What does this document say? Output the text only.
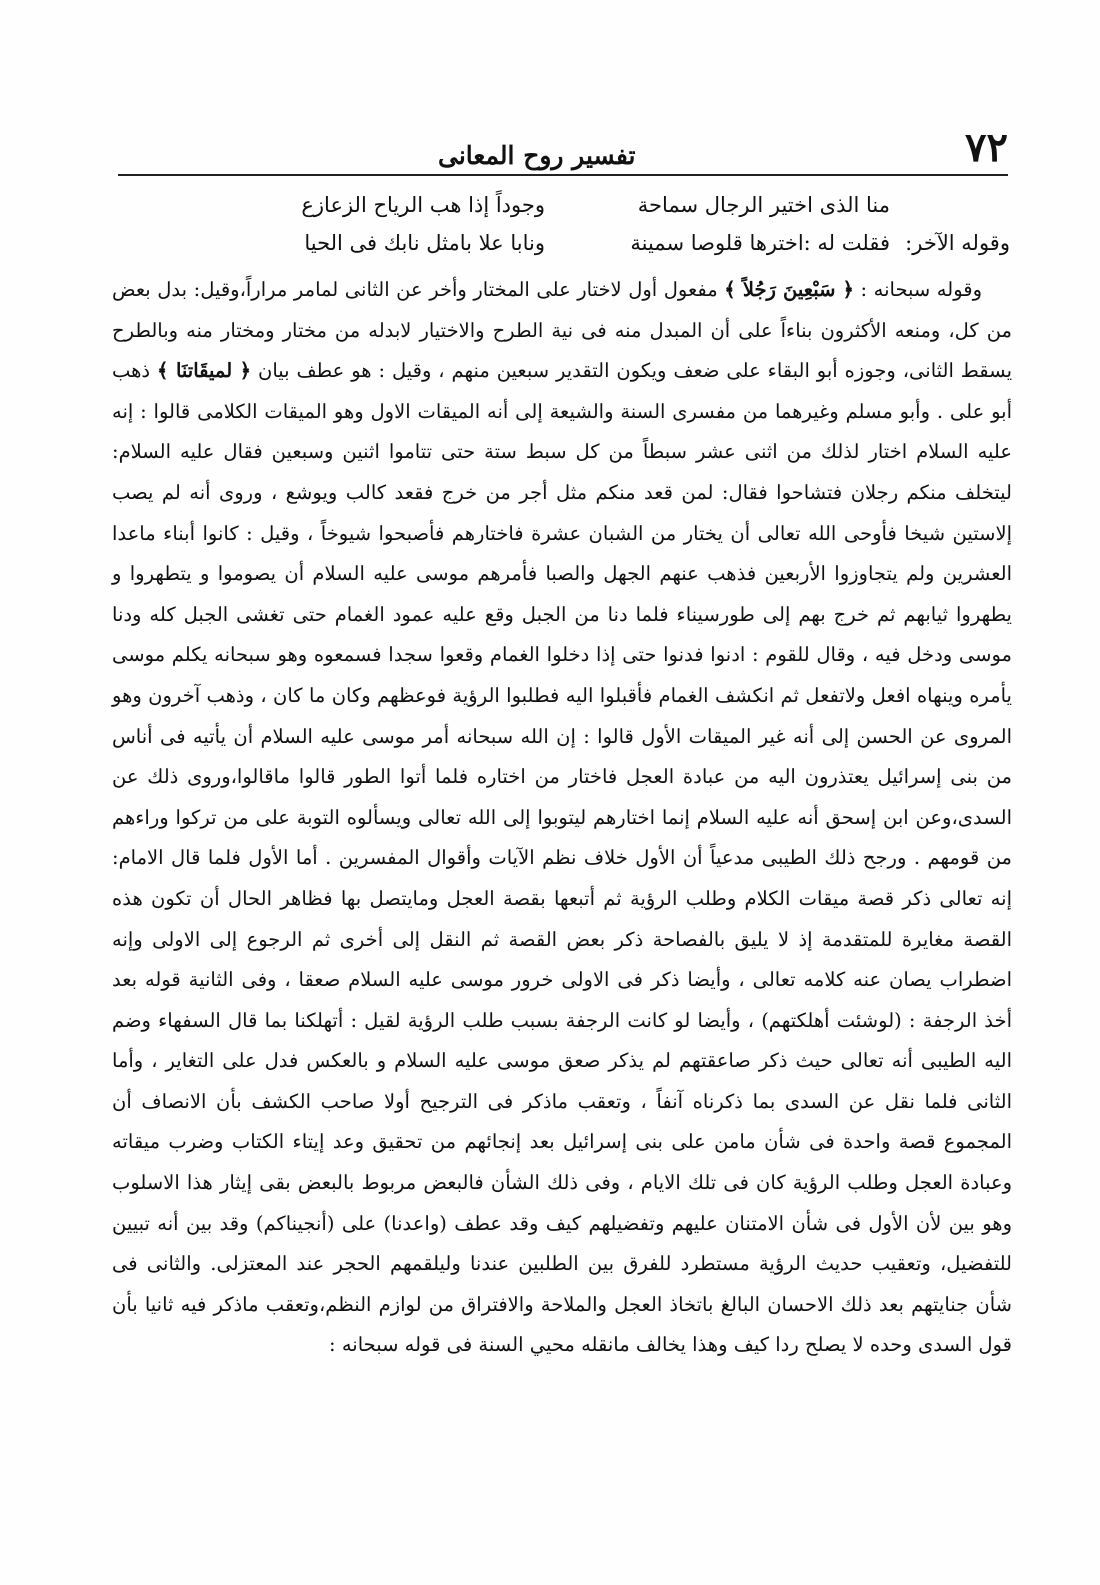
٧٢
تفسير روح المعانى
منا الذى اختير الرجال سماحة
وجوداً إذا هب الرياح الزعازع
وقوله الآخر:
فقلت له :اخترها قلوصا سمينة
ونابا علا بامثل نابك فى الحيا

وقوله سبحانه : ﴿ سَبْعِينَ رَجُلاً ﴾ مفعول أول لاختار على المختار وأخر عن الثانى لمامر مراراً،وقيل: بدل بعض من كل، ومنعه الأكثرون بناءاً على أن المبدل منه فى نية الطرح والاختيار لابدله من مختار ومختار منه وبالطرح يسقط الثانى، وجوزه أبو البقاء على ضعف ويكون التقدير سبعين منهم ، وقيل : هو عطف بيان ﴿ لميقَاتنَا ﴾ ذهب أبو على . وأبو مسلم وغيرهما من مفسرى السنة والشيعة إلى أنه الميقات الاول وهو الميقات الكلامى قالوا : إنه عليه السلام اختار لذلك من اثنى عشر سبطاً من كل سبط ستة حتى تتاموا اثنين وسبعين فقال عليه السلام: ليتخلف منكم رجلان فتشاحوا فقال: لمن قعد منكم مثل أجر من خرج فقعد كالب ويوشع ، وروى أنه لم يصب إلاستين شيخا فأوحى الله تعالى أن يختار من الشبان عشرة فاختارهم فأصبحوا شيوخاً ، وقيل : كانوا أبناء ماعدا العشرين ولم يتجاوزوا الأربعين فذهب عنهم الجهل والصبا فأمرهم موسى عليه السلام أن يصوموا و يتطهروا و يطهروا ثيابهم ثم خرج بهم إلى طورسيناء فلما دنا من الجبل وقع عليه عمود الغمام حتى تغشى الجبل كله ودنا موسى ودخل فيه ، وقال للقوم : ادنوا فدنوا حتى إذا دخلوا الغمام وقعوا سجدا فسمعوه وهو سبحانه يكلم موسى يأمره وينهاه افعل ولاتفعل ثم انكشف الغمام فأقبلوا اليه فطلبوا الرؤية فوعظهم وكان ما كان ، وذهب آخرون وهو المروى عن الحسن إلى أنه غير الميقات الأول قالوا : إن الله سبحانه أمر موسى عليه السلام أن يأتيه فى أناس من بنى إسرائيل يعتذرون اليه من عبادة العجل فاختار من اختاره فلما أتوا الطور قالوا ماقالوا،وروى ذلك عن السدى،وعن ابن إسحق أنه عليه السلام إنما اختارهم ليتوبوا إلى الله تعالى ويسألوه التوبة على من تركوا وراءهم من قومهم . ورجح ذلك الطيبى مدعياً أن الأول خلاف نظم الآيات وأقوال المفسرين . أما الأول فلما قال الامام: إنه تعالى ذكر قصة ميقات الكلام وطلب الرؤية ثم أتبعها بقصة العجل ومايتصل بها فظاهر الحال أن تكون هذه القصة مغايرة للمتقدمة إذ لا يليق بالفصاحة ذكر بعض القصة ثم النقل إلى أخرى ثم الرجوع إلى الاولى وإنه اضطراب يصان عنه كلامه تعالى ، وأيضا ذكر فى الاولى خرور موسى عليه السلام صعقا ، وفى الثانية قوله بعد أخذ الرجفة : (لوشئت أهلكتهم) ، وأيضا لو كانت الرجفة بسبب طلب الرؤية لقيل : أتهلكنا بما قال السفهاء وضم اليه الطيبى أنه تعالى حيث ذكر صاعقتهم لم يذكر صعق موسى عليه السلام و بالعكس فدل على التغاير ، وأما الثانى فلما نقل عن السدى بما ذكرناه آنفاً ، وتعقب ماذكر فى الترجيح أولا صاحب الكشف بأن الانصاف أن المجموع قصة واحدة فى شأن مامن على بنى إسرائيل بعد إنجائهم من تحقيق وعد إيتاء الكتاب وضرب ميقاته وعبادة العجل وطلب الرؤية كان فى تلك الايام ، وفى ذلك الشأن فالبعض مربوط بالبعض بقى إيثار هذا الاسلوب وهو بين لأن الأول فى شأن الامتنان عليهم وتفضيلهم كيف وقد عطف (واعدنا) على (أنجيناكم) وقد بين أنه تبيين للتفضيل، وتعقيب حديث الرؤية مستطرد للفرق بين الطلبين عندنا وليلقمهم الحجر عند المعتزلى. والثانى فى شأن جنايتهم بعد ذلك الاحسان البالغ باتخاذ العجل والملاحة والافتراق من لوازم النظم،وتعقب ماذكر فيه ثانيا بأن قول السدى وحده لا يصلح ردا كيف وهذا يخالف مانقله محيي السنة فى قوله سبحانه :
